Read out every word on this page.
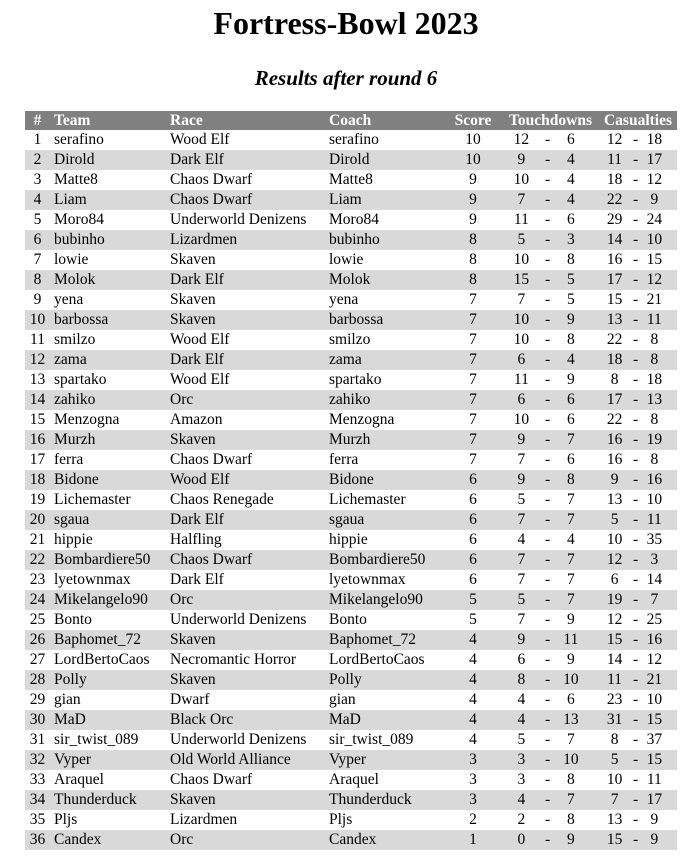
Fortress-Bowl 2023
Results after round 6
#	Team	Race	Coach	Score	Touchdowns	Casualties
1	serafino	Wood Elf	serafino	10	12 - 6	12 - 18

2	Dirold	Dark Elf	Dirold	10	9 - 4	11 - 17

3	Matte8	Chaos Dwarf	Matte8	9	10 - 4	18 - 12

4	Liam	Chaos Dwarf	Liam	9	7 - 4	22 - 9

5	Moro84	Underworld Denizens	Moro84	9	11 - 6	29 - 24

6	bubinho	Lizardmen	bubinho	8	5 - 3	14 - 10

7	lowie	Skaven	lowie	8	10 - 8	16 - 15

8	Molok	Dark Elf	Molok	8	15 - 5	17 - 12

9	yena	Skaven	yena	7	7 - 5	15 - 21

10	barbossa	Skaven	barbossa	7	10 - 9	13 - 11

11	smilzo	Wood Elf	smilzo	7	10 - 8	22 - 8

12	zama	Dark Elf	zama	7	6 - 4	18 - 8

13	spartako	Wood Elf	spartako	7	11 - 9	8 - 18

14	zahiko	Orc	zahiko	7	6 - 6	17 - 13

15	Menzogna	Amazon	Menzogna	7	10 - 6	22 - 8

16	Murzh	Skaven	Murzh	7	9 - 7	16 - 19

17	ferra	Chaos Dwarf	ferra	7	7 - 6	16 - 8

18	Bidone	Wood Elf	Bidone	6	9 - 8	9 - 16

19	Lichemaster	Chaos Renegade	Lichemaster	6	5 - 7	13 - 10

20	sgaua	Dark Elf	sgaua	6	7 - 7	5 - 11

21	hippie	Halfling	hippie	6	4 - 4	10 - 35

22	Bombardiere50	Chaos Dwarf	Bombardiere50	6	7 - 7	12 - 3

23	lyetownmax	Dark Elf	lyetownmax	6	7 - 7	6 - 14

24	Mikelangelo90	Orc	Mikelangelo90	5	5 - 7	19 - 7

25	Bonto	Underworld Denizens	Bonto	5	7 - 9	12 - 25

26	Baphomet_72	Skaven	Baphomet_72	4	9 - 11	15 - 16

27	LordBertoCaos	Necromantic Horror	LordBertoCaos	4	6 - 9	14 - 12

28	Polly	Skaven	Polly	4	8 - 10	11 - 21

29	gian	Dwarf	gian	4	4 - 6	23 - 10

30	MaD	Black Orc	MaD	4	4 - 13	31 - 15

31	sir_twist_089	Underworld Denizens	sir_twist_089	4	5 - 7	8 - 37

32	Vyper	Old World Alliance	Vyper	3	3 - 10	5 - 15

33	Araquel	Chaos Dwarf	Araquel	3	3 - 8	10 - 11

34	Thunderduck	Skaven	Thunderduck	3	4 - 7	7 - 17

35	Pljs	Lizardmen	Pljs	2	2 - 8	13 - 9

36	Candex	Orc	Candex	1	0 - 9	15 - 9
